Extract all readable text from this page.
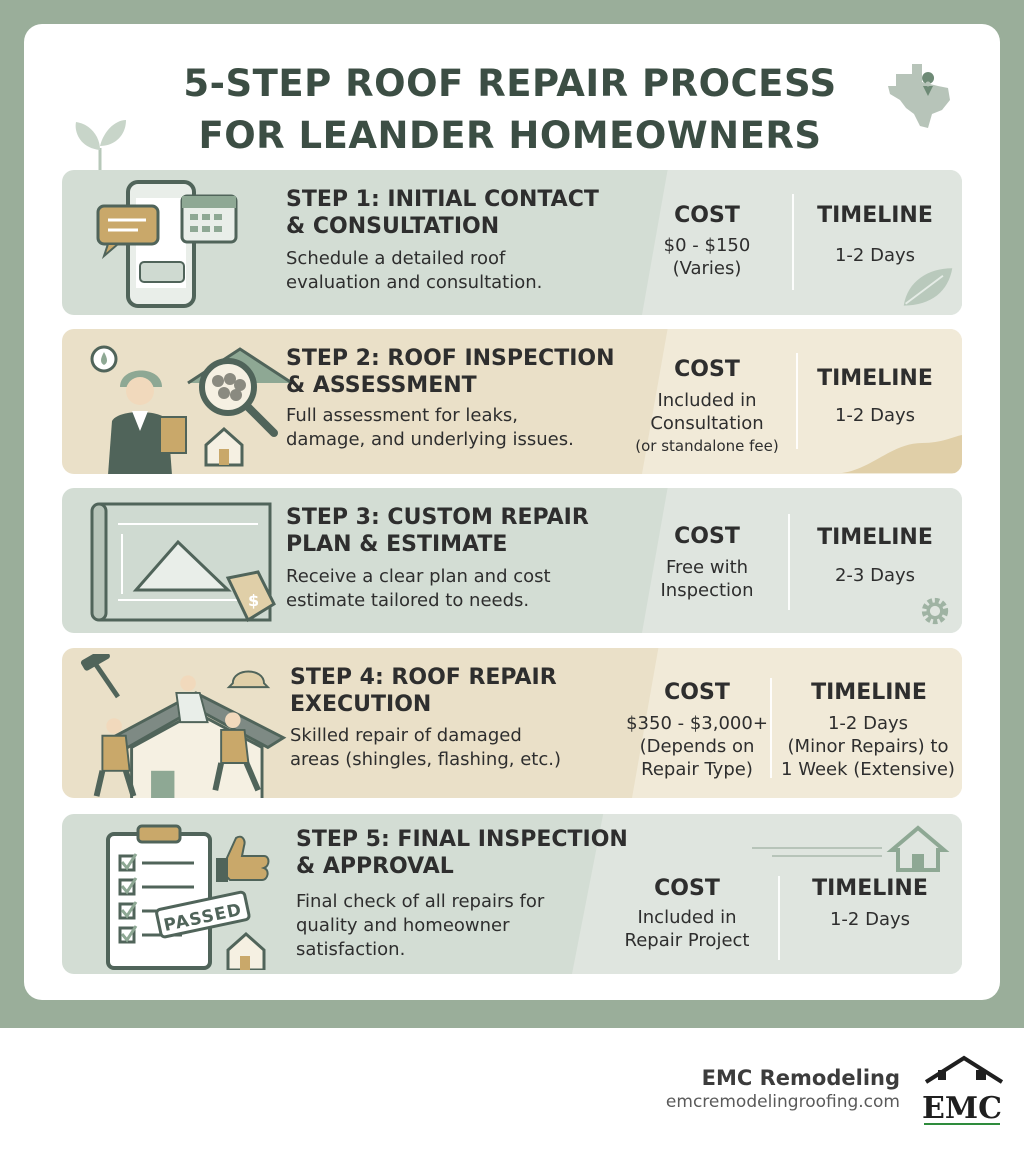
5-STEP ROOF REPAIR PROCESS
FOR LEANDER HOMEOWNERS
STEP 1: INITIAL CONTACT
& CONSULTATION
Schedule a detailed roof
evaluation and consultation.
COST
$0 - $150
(Varies)
TIMELINE
1-2 Days
STEP 2: ROOF INSPECTION
& ASSESSMENT
Full assessment for leaks,
damage, and underlying issues.
COST
Included in
Consultation
(or standalone fee)
TIMELINE
1-2 Days
$
STEP 3: CUSTOM REPAIR
PLAN & ESTIMATE
Receive a clear plan and cost
estimate tailored to needs.
COST
Free with
Inspection
TIMELINE
2-3 Days
STEP 4: ROOF REPAIR
EXECUTION
Skilled repair of damaged
areas (shingles, flashing, etc.)
COST
$350 - $3,000+
(Depends on
Repair Type)
TIMELINE
1-2 Days
(Minor Repairs) to
1 Week (Extensive)
PASSED
STEP 5: FINAL INSPECTION
& APPROVAL
Final check of all repairs for
quality and homeowner
satisfaction.
COST
Included in
Repair Project
TIMELINE
1-2 Days
EMC Remodeling
emcremodelingroofing.com EMC
